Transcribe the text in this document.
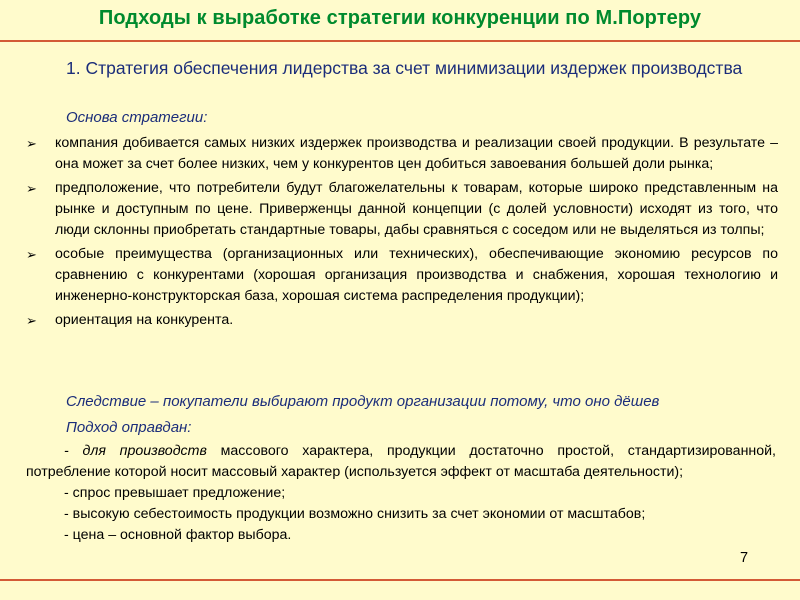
Подходы к выработке стратегии конкуренции по М.Портеру
1. Стратегия обеспечения лидерства за счет минимизации издержек производства
Основа стратегии:
➢ компания добивается самых низких издержек производства и реализации своей продукции. В результате – она может за счет более низких, чем у конкурентов цен добиться завоевания большей доли рынка;
➢ предположение, что потребители будут благожелательны к товарам, которые широко представленным на рынке и доступным по цене. Приверженцы данной концепции (с долей условности) исходят из того, что люди склонны приобретать стандартные товары, дабы сравняться с соседом или не выделяться из толпы;
➢ особые преимущества (организационных или технических), обеспечивающие экономию ресурсов по сравнению с конкурентами (хорошая организация производства и снабжения, хорошая технологию и инженерно-конструкторская база, хорошая система распределения продукции);
➢ ориентация на конкурента.
Следствие – покупатели выбирают продукт организации потому, что оно дёшев
Подход оправдан:
- для производств массового характера, продукции достаточно простой, стандартизированной, потребление которой носит массовый характер (используется эффект от масштаба деятельности);
- спрос превышает предложение;
- высокую себестоимость продукции возможно снизить за счет экономии от масштабов;
- цена – основной фактор выбора.
7
